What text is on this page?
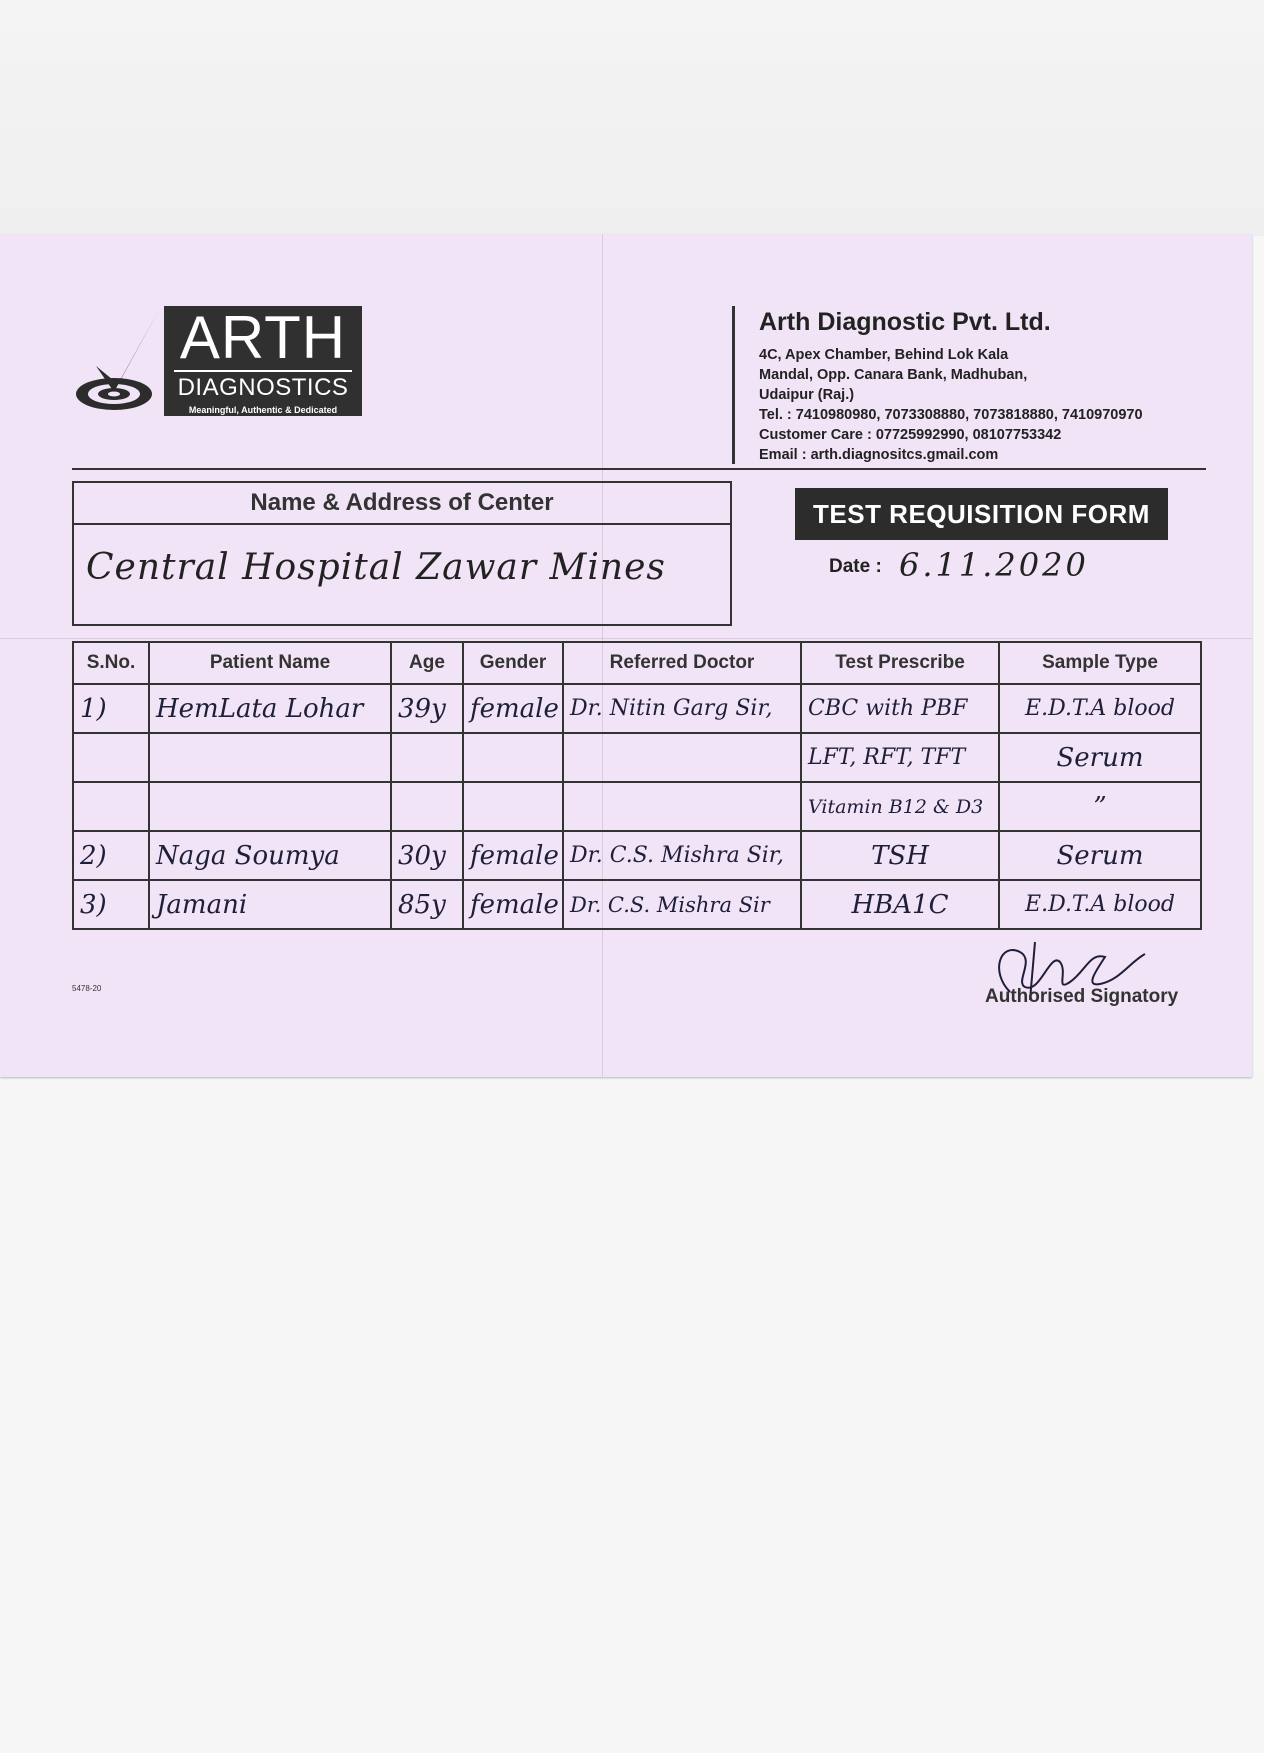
ARTH
DIAGNOSTICS
Meaningful, Authentic & Dedicated
Arth Diagnostic Pvt. Ltd.
4C, Apex Chamber, Behind Lok Kala
Mandal, Opp. Canara Bank, Madhuban,
Udaipur (Raj.)
Tel. : 7410980980, 7073308880, 7073818880, 7410970970
Customer Care : 07725992990, 08107753342
Email : arth.diagnositcs.gmail.com
Name & Address of Center
Central Hospital Zawar Mines
TEST REQUISITION FORM
Date : 6.11.2020
S.No.	Patient Name	Age	Gender	Referred Doctor	Test Prescribe	Sample Type
1)	HemLata Lohar	39y	female	Dr. Nitin Garg Sir,	CBC with PBF	E.D.T.A blood
					LFT, RFT, TFT	Serum
					Vitamin B12 & D3	”
2)	Naga Soumya	30y	female	Dr. C.S. Mishra Sir,	TSH	Serum
3)	Jamani	85y	female	Dr. C.S. Mishra Sir	HBA1C	E.D.T.A blood
5478-20	Authorised Signatory
